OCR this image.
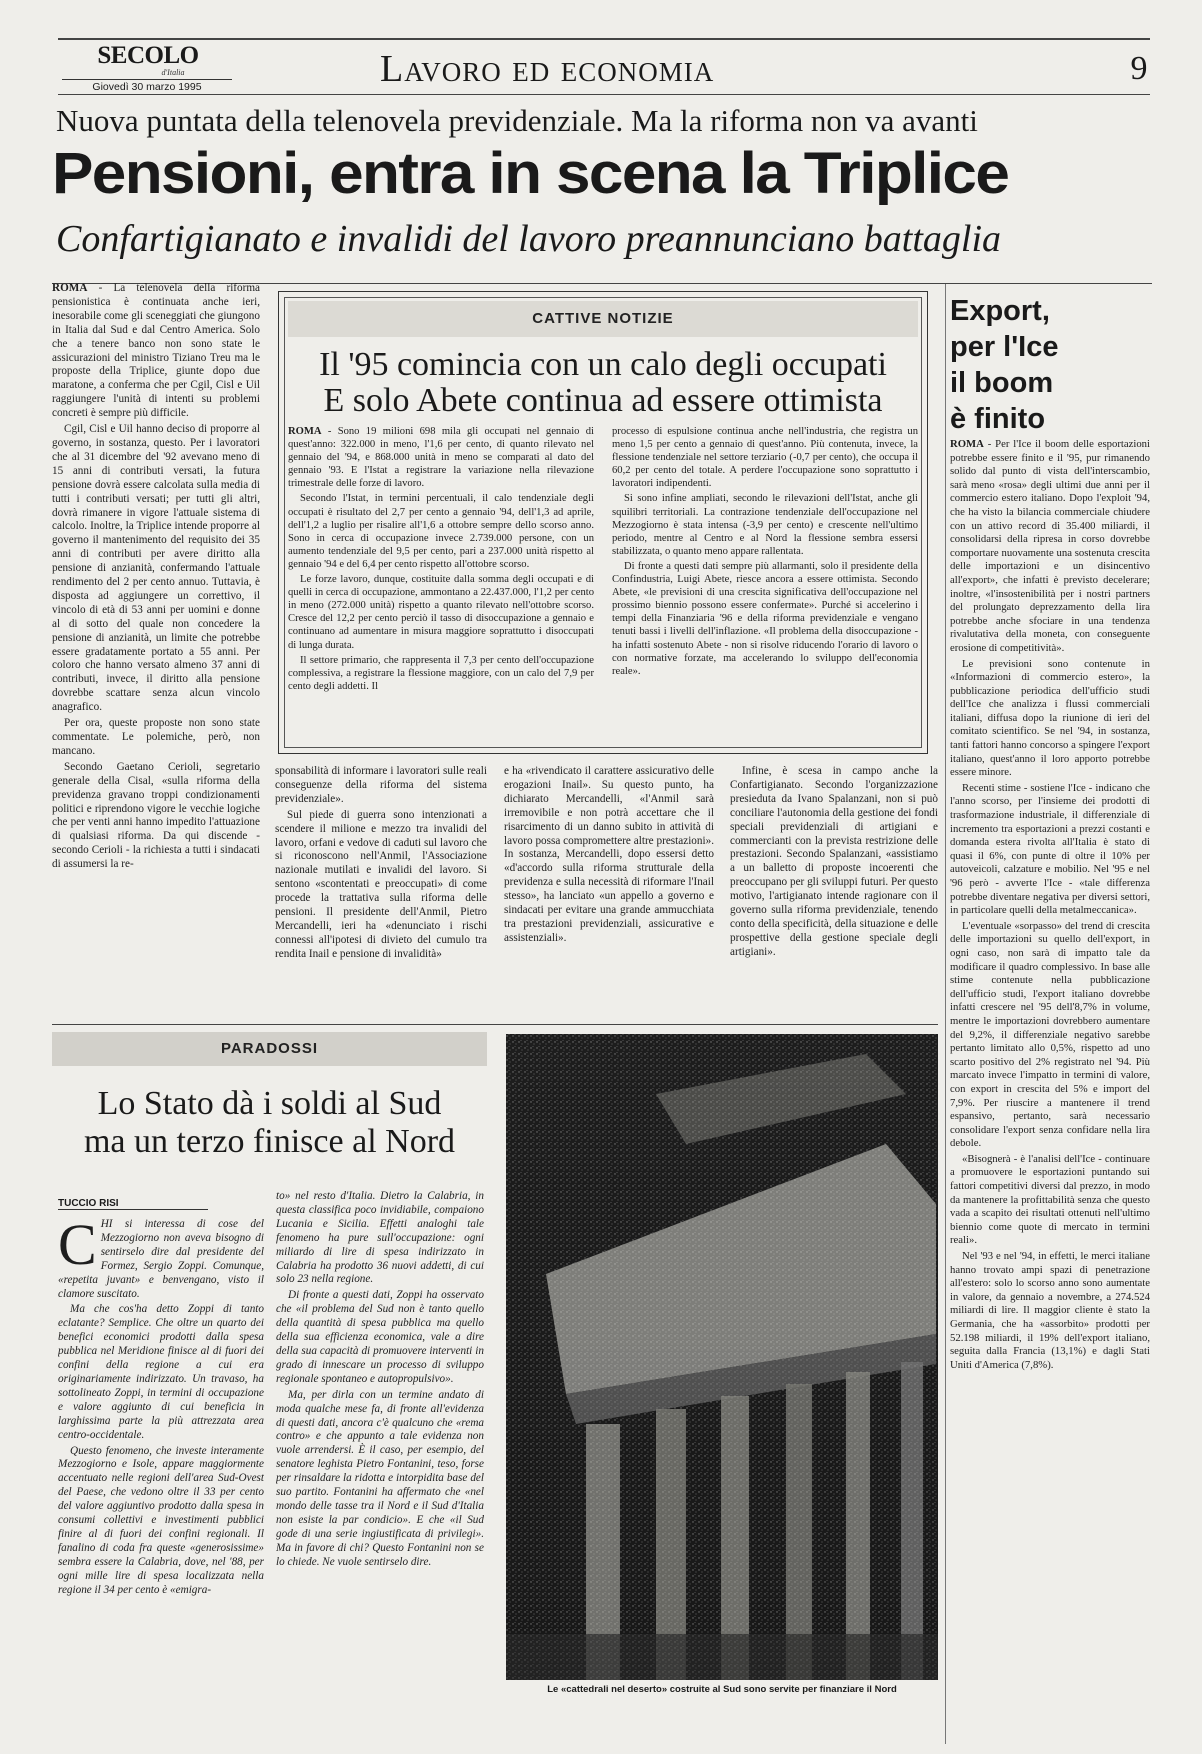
SECOLO
d'Italia
Giovedì 30 marzo 1995	Lavoro ed economia	9
Nuova puntata della telenovela previdenziale. Ma la riforma non va avanti
Pensioni, entra in scena la Triplice
Confartigianato e invalidi del lavoro preannunciano battaglia

ROMA - La telenovela della riforma pensionistica è continuata anche ieri, inesorabile come gli sceneggiati che giungono in Italia dal Sud e dal Centro America. Solo che a tenere banco non sono state le assicurazioni del ministro Tiziano Treu ma le proposte della Triplice, giunte dopo due maratone, a conferma che per Cgil, Cisl e Uil raggiungere l'unità di intenti su problemi concreti è sempre più difficile.

Cgil, Cisl e Uil hanno deciso di proporre al governo, in sostanza, questo. Per i lavoratori che al 31 dicembre del '92 avevano meno di 15 anni di contributi versati, la futura pensione dovrà essere calcolata sulla media di tutti i contributi versati; per tutti gli altri, dovrà rimanere in vigore l'attuale sistema di calcolo. Inoltre, la Triplice intende proporre al governo il mantenimento del requisito dei 35 anni di contributi per avere diritto alla pensione di anzianità, confermando l'attuale rendimento del 2 per cento annuo. Tuttavia, è disposta ad aggiungere un correttivo, il vincolo di età di 53 anni per uomini e donne al di sotto del quale non concedere la pensione di anzianità, un limite che potrebbe essere gradatamente portato a 55 anni. Per coloro che hanno versato almeno 37 anni di contributi, invece, il diritto alla pensione dovrebbe scattare senza alcun vincolo anagrafico.

Per ora, queste proposte non sono state commentate. Le polemiche, però, non mancano.

Secondo Gaetano Cerioli, segretario generale della Cisal, «sulla riforma della previdenza gravano troppi condizionamenti politici e riprendono vigore le vecchie logiche che per venti anni hanno impedito l'attuazione di qualsiasi riforma. Da qui discende - secondo Cerioli - la richiesta a tutti i sindacati di assumersi la re-

CATTIVE NOTIZIE
Il '95 comincia con un calo degli occupati
E solo Abete continua ad essere ottimista

ROMA - Sono 19 milioni 698 mila gli occupati nel gennaio di quest'anno: 322.000 in meno, l'1,6 per cento, di quanto rilevato nel gennaio del '94, e 868.000 unità in meno se comparati al dato del gennaio '93. E l'Istat a registrare la variazione nella rilevazione trimestrale delle forze di lavoro.

Secondo l'Istat, in termini percentuali, il calo tendenziale degli occupati è risultato del 2,7 per cento a gennaio '94, dell'1,3 ad aprile, dell'1,2 a luglio per risalire all'1,6 a ottobre sempre dello scorso anno. Sono in cerca di occupazione invece 2.739.000 persone, con un aumento tendenziale del 9,5 per cento, pari a 237.000 unità rispetto al gennaio '94 e del 6,4 per cento rispetto all'ottobre scorso.

Le forze lavoro, dunque, costituite dalla somma degli occupati e di quelli in cerca di occupazione, ammontano a 22.437.000, l'1,2 per cento in meno (272.000 unità) rispetto a quanto rilevato nell'ottobre scorso. Cresce del 12,2 per cento perciò il tasso di disoccupazione a gennaio e continuano ad aumentare in misura maggiore soprattutto i disoccupati di lunga durata.

Il settore primario, che rappresenta il 7,3 per cento dell'occupazione complessiva, a registrare la flessione maggiore, con un calo del 7,9 per cento degli addetti. Il

processo di espulsione continua anche nell'industria, che registra un meno 1,5 per cento a gennaio di quest'anno. Più contenuta, invece, la flessione tendenziale nel settore terziario (-0,7 per cento), che occupa il 60,2 per cento del totale. A perdere l'occupazione sono soprattutto i lavoratori indipendenti.

Si sono infine ampliati, secondo le rilevazioni dell'Istat, anche gli squilibri territoriali. La contrazione tendenziale dell'occupazione nel Mezzogiorno è stata intensa (-3,9 per cento) e crescente nell'ultimo periodo, mentre al Centro e al Nord la flessione sembra essersi stabilizzata, o quanto meno appare rallentata.

Di fronte a questi dati sempre più allarmanti, solo il presidente della Confindustria, Luigi Abete, riesce ancora a essere ottimista. Secondo Abete, «le previsioni di una crescita significativa dell'occupazione nel prossimo biennio possono essere confermate». Purché si accelerino i tempi della Finanziaria '96 e della riforma previdenziale e vengano tenuti bassi i livelli dell'inflazione. «Il problema della disoccupazione - ha infatti sostenuto Abete - non si risolve riducendo l'orario di lavoro o con normative forzate, ma accelerando lo sviluppo dell'economia reale».

sponsabilità di informare i lavoratori sulle reali conseguenze della riforma del sistema previdenziale».

Sul piede di guerra sono intenzionati a scendere il milione e mezzo tra invalidi del lavoro, orfani e vedove di caduti sul lavoro che si riconoscono nell'Anmil, l'Associazione nazionale mutilati e invalidi del lavoro. Si sentono «scontentati e preoccupati» di come procede la trattativa sulla riforma delle pensioni. Il presidente dell'Anmil, Pietro Mercandelli, ieri ha «denunciato i rischi connessi all'ipotesi di divieto del cumulo tra rendita Inail e pensione di invalidità»

e ha «rivendicato il carattere assicurativo delle erogazioni Inail». Su questo punto, ha dichiarato Mercandelli, «l'Anmil sarà irremovibile e non potrà accettare che il risarcimento di un danno subito in attività di lavoro possa compromettere altre prestazioni». In sostanza, Mercandelli, dopo essersi detto «d'accordo sulla riforma strutturale della previdenza e sulla necessità di riformare l'Inail stesso», ha lanciato «un appello a governo e sindacati per evitare una grande ammucchiata tra prestazioni previdenziali, assicurative e assistenziali».

Infine, è scesa in campo anche la Confartigianato. Secondo l'organizzazione presieduta da Ivano Spalanzani, non si può conciliare l'autonomia della gestione dei fondi speciali previdenziali di artigiani e commercianti con la prevista restrizione delle prestazioni. Secondo Spalanzani, «assistiamo a un balletto di proposte incoerenti che preoccupano per gli sviluppi futuri. Per questo motivo, l'artigianato intende ragionare con il governo sulla riforma previdenziale, tenendo conto della specificità, della situazione e delle prospettive della gestione speciale degli artigiani».

Export,
per l'Ice
il boom
è finito

ROMA - Per l'Ice il boom delle esportazioni potrebbe essere finito e il '95, pur rimanendo solido dal punto di vista dell'interscambio, sarà meno «rosa» degli ultimi due anni per il commercio estero italiano. Dopo l'exploit '94, che ha visto la bilancia commerciale chiudere con un attivo record di 35.400 miliardi, il consolidarsi della ripresa in corso dovrebbe comportare nuovamente una sostenuta crescita delle importazioni e un disincentivo all'export», che infatti è previsto decelerare; inoltre, «l'insostenibilità per i nostri partners del prolungato deprezzamento della lira potrebbe anche sfociare in una tendenza rivalutativa della moneta, con conseguente erosione di competitività».

Le previsioni sono contenute in «Informazioni di commercio estero», la pubblicazione periodica dell'ufficio studi dell'Ice che analizza i flussi commerciali italiani, diffusa dopo la riunione di ieri del comitato scientifico. Se nel '94, in sostanza, tanti fattori hanno concorso a spingere l'export italiano, quest'anno il loro apporto potrebbe essere minore.

Recenti stime - sostiene l'Ice - indicano che l'anno scorso, per l'insieme dei prodotti di trasformazione industriale, il differenziale di incremento tra esportazioni a prezzi costanti e domanda estera rivolta all'Italia è stato di quasi il 6%, con punte di oltre il 10% per autoveicoli, calzature e mobilio. Nel '95 e nel '96 però - avverte l'Ice - «tale differenza potrebbe diventare negativa per diversi settori, in particolare quelli della metalmeccanica».

L'eventuale «sorpasso» del trend di crescita delle importazioni su quello dell'export, in ogni caso, non sarà di impatto tale da modificare il quadro complessivo. In base alle stime contenute nella pubblicazione dell'ufficio studi, l'export italiano dovrebbe infatti crescere nel '95 dell'8,7% in volume, mentre le importazioni dovrebbero aumentare del 9,2%, il differenziale negativo sarebbe pertanto limitato allo 0,5%, rispetto ad uno scarto positivo del 2% registrato nel '94. Più marcato invece l'impatto in termini di valore, con export in crescita del 5% e import del 7,9%. Per riuscire a mantenere il trend espansivo, pertanto, sarà necessario consolidare l'export senza confidare nella lira debole.

«Bisognerà - è l'analisi dell'Ice - continuare a promuovere le esportazioni puntando sui fattori competitivi diversi dal prezzo, in modo da mantenere la profittabilità senza che questo vada a scapito dei risultati ottenuti nell'ultimo biennio come quote di mercato in termini reali».

Nel '93 e nel '94, in effetti, le merci italiane hanno trovato ampi spazi di penetrazione all'estero: solo lo scorso anno sono aumentate in valore, da gennaio a novembre, a 274.524 miliardi di lire. Il maggior cliente è stato la Germania, che ha «assorbito» prodotti per 52.198 miliardi, il 19% dell'export italiano, seguita dalla Francia (13,1%) e dagli Stati Uniti d'America (7,8%).

PARADOSSI
Lo Stato dà i soldi al Sud
ma un terzo finisce al Nord
TUCCIO RISI

CHI si interessa di cose del Mezzogiorno non aveva bisogno di sentirselo dire dal presidente del Formez, Sergio Zoppi. Comunque, «repetita juvant» e benvengano, visto il clamore suscitato.

Ma che cos'ha detto Zoppi di tanto eclatante? Semplice. Che oltre un quarto dei benefici economici prodotti dalla spesa pubblica nel Meridione finisce al di fuori dei confini della regione a cui era originariamente indirizzato. Un travaso, ha sottolineato Zoppi, in termini di occupazione e valore aggiunto di cui beneficia in larghissima parte la più attrezzata area centro-occidentale.

Questo fenomeno, che investe interamente Mezzogiorno e Isole, appare maggiormente accentuato nelle regioni dell'area Sud-Ovest del Paese, che vedono oltre il 33 per cento del valore aggiuntivo prodotto dalla spesa in consumi collettivi e investimenti pubblici finire al di fuori dei confini regionali. Il fanalino di coda fra queste «generosissime» sembra essere la Calabria, dove, nel '88, per ogni mille lire di spesa localizzata nella regione il 34 per cento è «emigra-

to» nel resto d'Italia. Dietro la Calabria, in questa classifica poco invidiabile, compaiono Lucania e Sicilia. Effetti analoghi tale fenomeno ha pure sull'occupazione: ogni miliardo di lire di spesa indirizzato in Calabria ha prodotto 36 nuovi addetti, di cui solo 23 nella regione.

Di fronte a questi dati, Zoppi ha osservato che «il problema del Sud non è tanto quello della quantità di spesa pubblica ma quello della sua efficienza economica, vale a dire della sua capacità di promuovere interventi in grado di innescare un processo di sviluppo regionale spontaneo e autopropulsivo».

Ma, per dirla con un termine andato di moda qualche mese fa, di fronte all'evidenza di questi dati, ancora c'è qualcuno che «rema contro» e che appunto a tale evidenza non vuole arrendersi. È il caso, per esempio, del senatore leghista Pietro Fontanini, teso, forse per rinsaldare la ridotta e intorpidita base del suo partito. Fontanini ha affermato che «nel mondo delle tasse tra il Nord e il Sud d'Italia non esiste la par condicio». E che «il Sud gode di una serie ingiustificata di privilegi». Ma in favore di chi? Questo Fontanini non se lo chiede. Ne vuole sentirselo dire.

Le «cattedrali nel deserto» costruite al Sud sono servite per finanziare il Nord
